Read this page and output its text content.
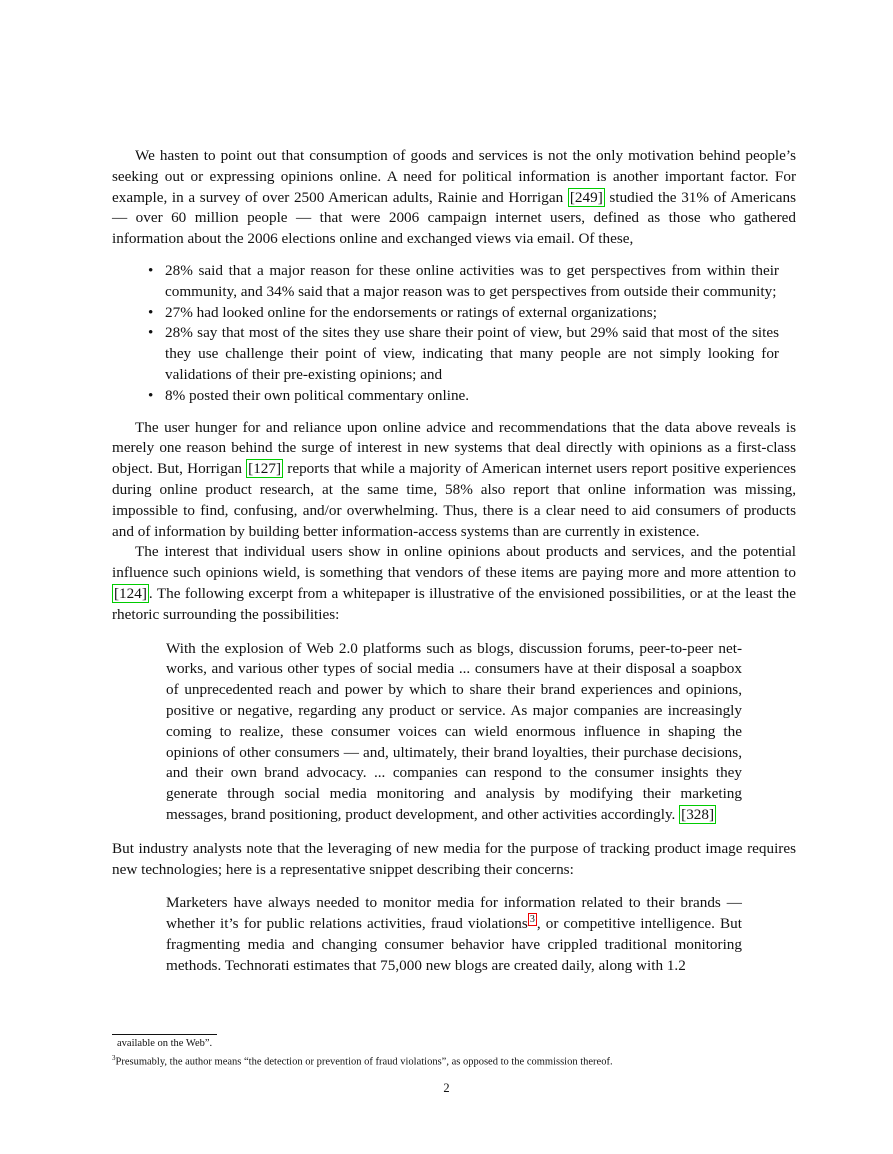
We hasten to point out that consumption of goods and services is not the only motivation behind people’s seeking out or expressing opinions online. A need for political information is another important factor. For example, in a survey of over 2500 American adults, Rainie and Horrigan [249] studied the 31% of Americans — over 60 million people — that were 2006 campaign internet users, defined as those who gathered information about the 2006 elections online and exchanged views via email. Of these,

• 28% said that a major reason for these online activities was to get perspectives from within their community, and 34% said that a major reason was to get perspectives from outside their community;
• 27% had looked online for the endorsements or ratings of external organizations;
• 28% say that most of the sites they use share their point of view, but 29% said that most of the sites they use challenge their point of view, indicating that many people are not simply looking for validations of their pre-existing opinions; and
• 8% posted their own political commentary online.

The user hunger for and reliance upon online advice and recommendations that the data above reveals is merely one reason behind the surge of interest in new systems that deal directly with opinions as a first-class object. But, Horrigan [127] reports that while a majority of American internet users report positive experiences during online product research, at the same time, 58% also report that online information was missing, impossible to find, confusing, and/or overwhelming. Thus, there is a clear need to aid consumers of products and of information by building better information-access systems than are currently in existence.

The interest that individual users show in online opinions about products and services, and the potential influence such opinions wield, is something that vendors of these items are paying more and more attention to [124] . The following excerpt from a whitepaper is illustrative of the envisioned possibilities, or at the least the rhetoric surrounding the possibilities:

With the explosion of Web 2.0 platforms such as blogs, discussion forums, peer-to-peer networks, and various other types of social media ... consumers have at their disposal a soapbox of unprecedented reach and power by which to share their brand experiences and opinions, positive or negative, regarding any product or service. As major companies are increasingly coming to realize, these consumer voices can wield enormous influence in shaping the opinions of other consumers — and, ultimately, their brand loyalties, their purchase decisions, and their own brand advocacy. ... companies can respond to the consumer insights they generate through social media monitoring and analysis by modifying their marketing messages, brand positioning, product development, and other activities accordingly. [328]

But industry analysts note that the leveraging of new media for the purpose of tracking product image requires new technologies; here is a representative snippet describing their concerns:

Marketers have always needed to monitor media for information related to their brands — whether it’s for public relations activities, fraud violations $^3$ , or competitive intelligence. But fragmenting media and changing consumer behavior have crippled traditional monitoring methods. Technorati estimates that 75,000 new blogs are created daily, along with 1.2

available on the Web”.
$^3$Presumably, the author means “the detection or prevention of fraud violations”, as opposed to the commission thereof.
2
